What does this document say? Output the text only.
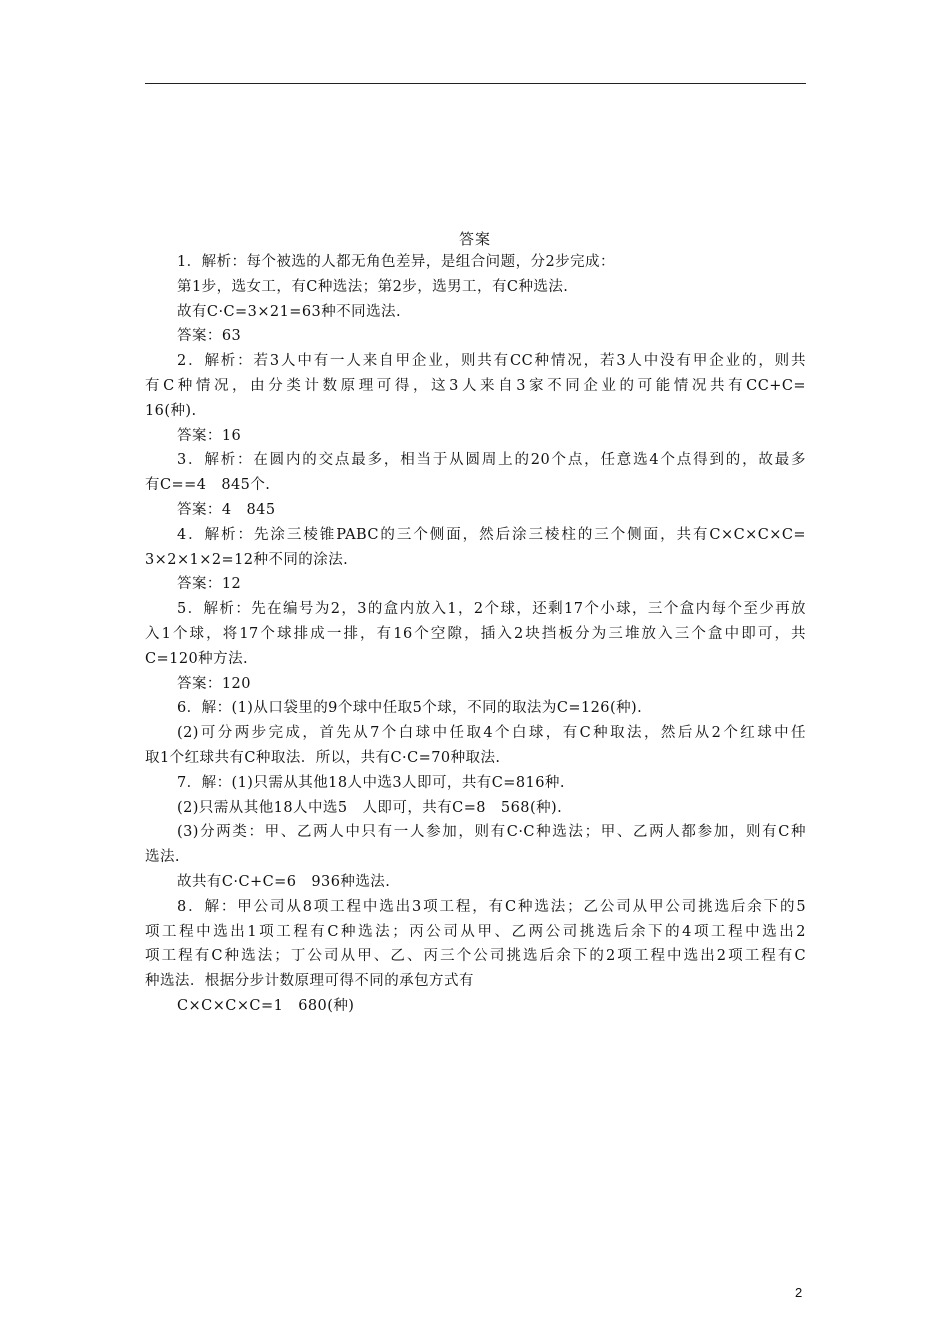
答案
1．解析：每个被选的人都无角色差异，是组合问题，分2步完成：
第1步，选女工，有C种选法；第2步，选男工，有C种选法.
故有C·C=3×21=63种不同选法.
答案：63
2．解析：若3人中有一人来自甲企业，则共有CC种情况，若3人中没有甲企业的，则共
有C种情况，由分类计数原理可得，这3人来自3家不同企业的可能情况共有CC+C=
16(种).
答案：16
3．解析：在圆内的交点最多，相当于从圆周上的20个点，任意选4个点得到的，故最多
有C==4　845个.
答案：4　845
4．解析：先涂三棱锥PABC的三个侧面，然后涂三棱柱的三个侧面，共有C×C×C×C=
3×2×1×2=12种不同的涂法.
答案：12
5．解析：先在编号为2，3的盒内放入1，2个球，还剩17个小球，三个盒内每个至少再放
入1个球，将17个球排成一排，有16个空隙，插入2块挡板分为三堆放入三个盒中即可，共
C=120种方法.
答案：120
6．解：(1)从口袋里的9个球中任取5个球，不同的取法为C=126(种).
(2)可分两步完成，首先从7个白球中任取4个白球，有C种取法，然后从2个红球中任
取1个红球共有C种取法．所以，共有C·C=70种取法.
7．解：(1)只需从其他18人中选3人即可，共有C=816种.
(2)只需从其他18人中选5　人即可，共有C=8　568(种).
(3)分两类：甲、乙两人中只有一人参加，则有C·C种选法；甲、乙两人都参加，则有C种
选法.
故共有C·C+C=6　936种选法.
8．解：甲公司从8项工程中选出3项工程，有C种选法；乙公司从甲公司挑选后余下的5
项工程中选出1项工程有C种选法；丙公司从甲、乙两公司挑选后余下的4项工程中选出2
项工程有C种选法；丁公司从甲、乙、丙三个公司挑选后余下的2项工程中选出2项工程有C
种选法．根据分步计数原理可得不同的承包方式有
C×C×C×C=1　680(种)
2
